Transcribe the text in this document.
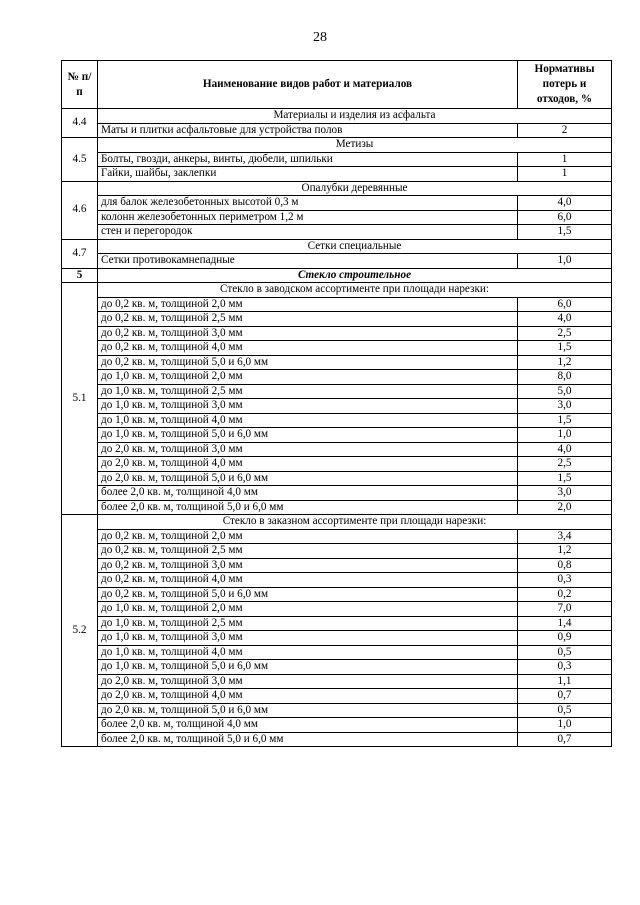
28
№ п/п	Наименование видов работ и материалов	Нормативы потерь и отходов, %
4.4	Материалы и изделия из асфальта	
	Маты и плитки асфальтовые для устройства полов	2
4.5	Метизы	
	Болты, гвозди, анкеры, винты, дюбели, шпильки	1
	Гайки, шайбы, заклепки	1
4.6	Опалубки деревянные	
	для балок железобетонных высотой 0,3 м	4,0
	колонн железобетонных периметром 1,2 м	6,0
	стен и перегородок	1,5
4.7	Сетки специальные	
	Сетки противокамнепадные	1,0
5	Стекло строительное	
5.1	Стекло в заводском ассортименте при площади нарезки:	
	до 0,2 кв. м, толщиной 2,0 мм	6,0
	до 0,2 кв. м, толщиной 2,5 мм	4,0
	до 0,2 кв. м, толщиной 3,0 мм	2,5
	до 0,2 кв. м, толщиной 4,0 мм	1,5
	до 0,2 кв. м, толщиной 5,0 и 6,0 мм	1,2
	до 1,0 кв. м, толщиной 2,0 мм	8,0
	до 1,0 кв. м, толщиной 2,5 мм	5,0
	до 1,0 кв. м, толщиной 3,0 мм	3,0
	до 1,0 кв. м, толщиной 4,0 мм	1,5
	до 1,0 кв. м, толщиной 5,0 и 6,0 мм	1,0
	до 2,0 кв. м, толщиной 3,0 мм	4,0
	до 2,0 кв. м, толщиной 4,0 мм	2,5
	до 2,0 кв. м, толщиной 5,0 и 6,0 мм	1,5
	более 2,0 кв. м, толщиной 4,0 мм	3,0
	более 2,0 кв. м, толщиной 5,0 и 6,0 мм	2,0
5.2	Стекло в заказном ассортименте при площади нарезки:	
	до 0,2 кв. м, толщиной 2,0 мм	3,4
	до 0,2 кв. м, толщиной 2,5 мм	1,2
	до 0,2 кв. м, толщиной 3,0 мм	0,8
	до 0,2 кв. м, толщиной 4,0 мм	0,3
	до 0,2 кв. м, толщиной 5,0 и 6,0 мм	0,2
	до 1,0 кв. м, толщиной 2,0 мм	7,0
	до 1,0 кв. м, толщиной 2,5 мм	1,4
	до 1,0 кв. м, толщиной 3,0 мм	0,9
	до 1,0 кв. м, толщиной 4,0 мм	0,5
	до 1,0 кв. м, толщиной 5,0 и 6,0 мм	0,3
	до 2,0 кв. м, толщиной 3,0 мм	1,1
	до 2,0 кв. м, толщиной 4,0 мм	0,7
	до 2,0 кв. м, толщиной 5,0 и 6,0 мм	0,5
	более 2,0 кв. м, толщиной 4,0 мм	1,0
	более 2,0 кв. м, толщиной 5,0 и 6,0 мм	0,7
